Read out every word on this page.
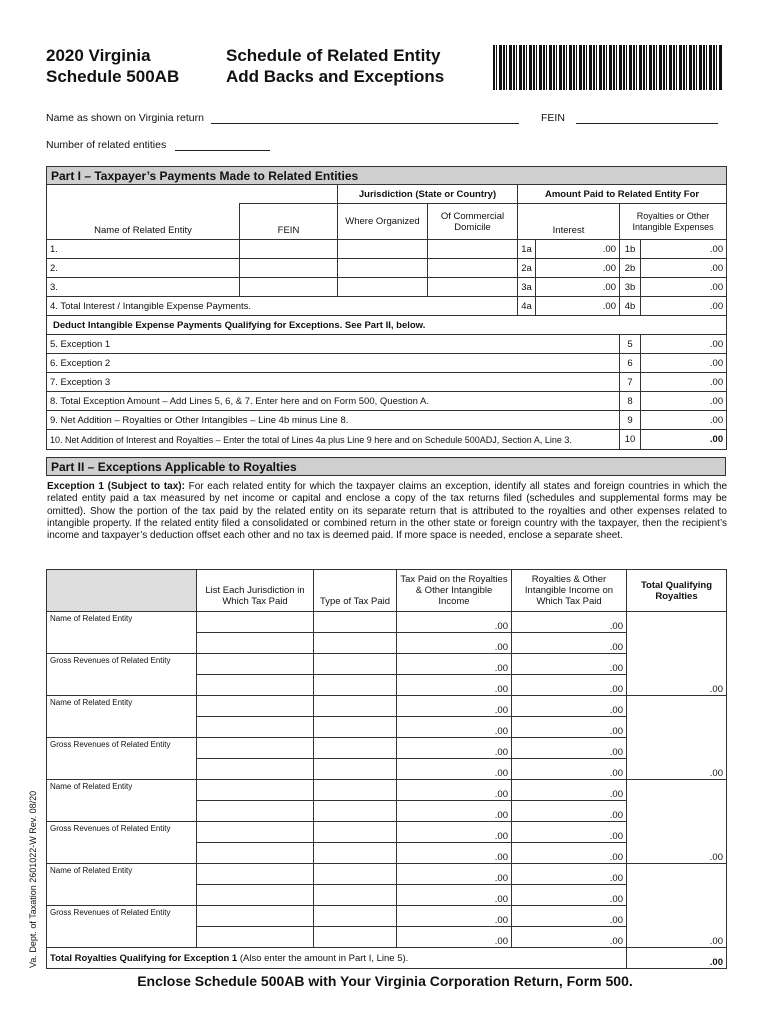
2020 Virginia
Schedule 500AB
Schedule of Related Entity
Add Backs and Exceptions
Name as shown on Virginia return	FEIN
Number of related entities
Part I – Taxpayer’s Payments Made to Related Entities							
		Jurisdiction (State or Country)		Amount Paid to Related Entity For			
Name of Related Entity	FEIN	Where Organized	Of Commercial Domicile	Interest		Royalties or Other Intangible Expenses	
1.				1a	.00	1b	.00
2.				2a	.00	2b	.00
3.				3a	.00	3b	.00
4. Total Interest / Intangible Expense Payments.				4a	.00	4b	.00
Deduct Intangible Expense Payments Qualifying for Exceptions. See Part II, below.							
5. Exception 1						5	.00
6. Exception 2						6	.00
7. Exception 3						7	.00
8. Total Exception Amount – Add Lines 5, 6, & 7. Enter here and on Form 500, Question A.						8	.00
9. Net Addition – Royalties or Other Intangibles – Line 4b minus Line 8.						9	.00
10. Net Addition of Interest and Royalties – Enter the total of Lines 4a plus Line 9 here and on Schedule 500ADJ, Section A, Line 3.						10	.00
Part II – Exceptions Applicable to Royalties
Exception 1 (Subject to tax): For each related entity for which the taxpayer claims an exception, identify all states and foreign countries in which the related entity paid a tax measured by net income or capital and enclose a copy of the tax returns filed (schedules and supplemental forms may be omitted). Show the portion of the tax paid by the related entity on its separate return that is attributed to the royalties and other expenses related to intangible property. If the related entity filed a consolidated or combined return in the other state or foreign country with the taxpayer, then the recipient’s income and taxpayer’s deduction offset each other and no tax is deemed paid. If more space is needed, enclose a separate sheet.
	List Each Jurisdiction in Which Tax Paid	Type of Tax Paid	Tax Paid on the Royalties & Other Intangible Income	Royalties & Other Intangible Income on Which Tax Paid	Total Qualifying Royalties
Name of Related Entity			.00	.00	.00
			.00	.00	
Gross Revenues of Related Entity			.00	.00	
			.00	.00	
Name of Related Entity			.00	.00	.00
			.00	.00	
Gross Revenues of Related Entity			.00	.00	
			.00	.00	
Name of Related Entity			.00	.00	.00
			.00	.00	
Gross Revenues of Related Entity			.00	.00	
			.00	.00	
Name of Related Entity			.00	.00	.00
			.00	.00	
Gross Revenues of Related Entity			.00	.00	
			.00	.00	
Total Royalties Qualifying for Exception 1 (Also enter the amount in Part I, Line 5).					.00
Va. Dept. of Taxation 2601022-W Rev. 08/20
Enclose Schedule 500AB with Your Virginia Corporation Return, Form 500.
